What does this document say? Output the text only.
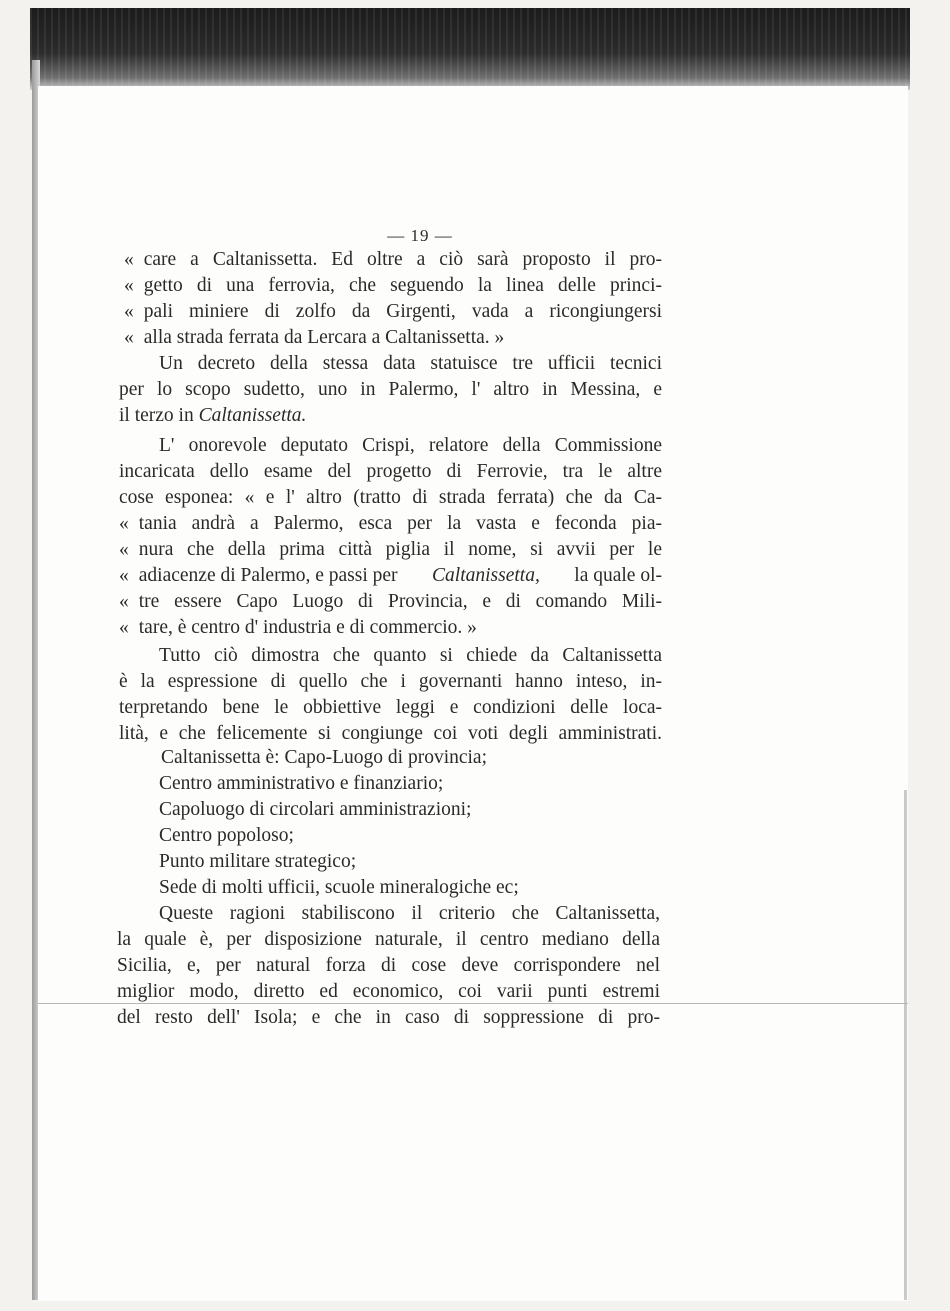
— 19 —
« care a Caltanissetta. Ed oltre a ciò sarà proposto il pro-
« getto di una ferrovia, che seguendo la linea delle princi-
« pali miniere di zolfo da Girgenti, vada a ricongiungersi
« alla strada ferrata da Lercara a Caltanissetta. »
Un decreto della stessa data statuisce tre ufficii tecnici
per lo scopo sudetto, uno in Palermo, l' altro in Messina, e
il terzo in Caltanissetta.
L' onorevole deputato Crispi, relatore della Commissione
incaricata dello esame del progetto di Ferrovie, tra le altre
cose esponea: « e l' altro (tratto di strada ferrata) che da Ca-
« tania andrà a Palermo, esca per la vasta e feconda pia-
« nura che della prima città piglia il nome, si avvii per le
« adiacenze di Palermo, e passi per Caltanissetta, la quale ol-
« tre essere Capo Luogo di Provincia, e di comando Mili-
« tare, è centro d' industria e di commercio. »
Tutto ciò dimostra che quanto si chiede da Caltanissetta
è la espressione di quello che i governanti hanno inteso, in-
terpretando bene le obbiettive leggi e condizioni delle loca-
lità, e che felicemente si congiunge coi voti degli amministrati.
Caltanissetta è: Capo-Luogo di provincia;
Centro amministrativo e finanziario;
Capoluogo di circolari amministrazioni;
Centro popoloso;
Punto militare strategico;
Sede di molti ufficii, scuole mineralogiche ec;
Queste ragioni stabiliscono il criterio che Caltanissetta,
la quale è, per disposizione naturale, il centro mediano della
Sicilia, e, per natural forza di cose deve corrispondere nel
miglior modo, diretto ed economico, coi varii punti estremi
del resto dell' Isola; e che in caso di soppressione di pro-
